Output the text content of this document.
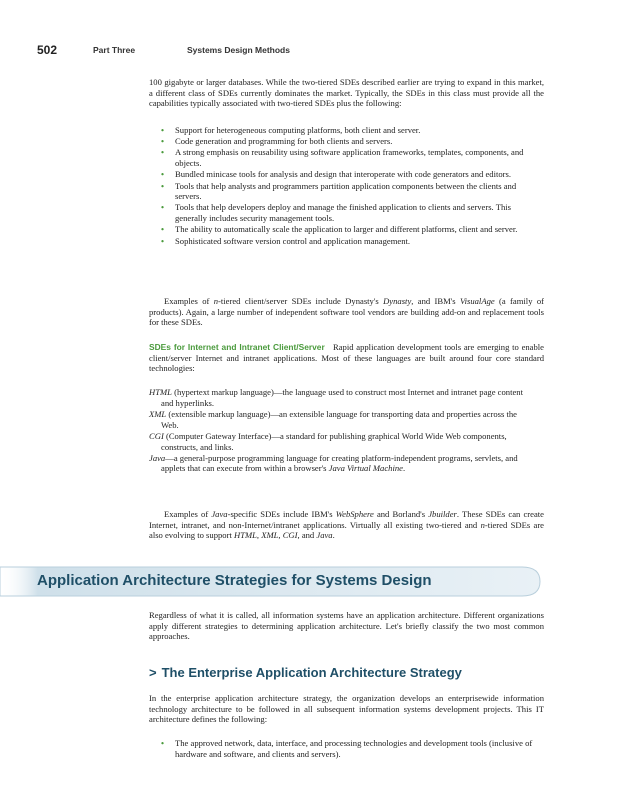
502	Part Three	Systems Design Methods

100 gigabyte or larger databases. While the two-tiered SDEs described earlier are trying to expand in this market, a different class of SDEs currently dominates the market. Typically, the SDEs in this class must provide all the capabilities typically associated with two-tiered SDEs plus the following:

• Support for heterogeneous computing platforms, both client and server.
• Code generation and programming for both clients and servers.
• A strong emphasis on reusability using software application frameworks, templates, components, and objects.
• Bundled minicase tools for analysis and design that interoperate with code generators and editors.
• Tools that help analysts and programmers partition application components between the clients and servers.
• Tools that help developers deploy and manage the finished application to clients and servers. This generally includes security management tools.
• The ability to automatically scale the application to larger and different platforms, client and server.
• Sophisticated software version control and application management.

Examples of n-tiered client/server SDEs include Dynasty's Dynasty, and IBM's VisualAge (a family of products). Again, a large number of independent software tool vendors are building add-on and replacement tools for these SDEs.

SDEs for Internet and Intranet Client/Server Rapid application development tools are emerging to enable client/server Internet and intranet applications. Most of these languages are built around four core standard technologies:

HTML (hypertext markup language)—the language used to construct most Internet and intranet page content and hyperlinks.

XML (extensible markup language)—an extensible language for transporting data and properties across the Web.

CGI (Computer Gateway Interface)—a standard for publishing graphical World Wide Web components, constructs, and links.

Java—a general-purpose programming language for creating platform-independent programs, servlets, and applets that can execute from within a browser's Java Virtual Machine.

Examples of Java-specific SDEs include IBM's WebSphere and Borland's Jbuilder. These SDEs can create Internet, intranet, and non-Internet/intranet applications. Virtually all existing two-tiered and n-tiered SDEs are also evolving to support HTML, XML, CGI, and Java.

Application Architecture Strategies for Systems Design

Regardless of what it is called, all information systems have an application architecture. Different organizations apply different strategies to determining application architecture. Let's briefly classify the two most common approaches.

> The Enterprise Application Architecture Strategy

In the enterprise application architecture strategy, the organization develops an enterprisewide information technology architecture to be followed in all subsequent information systems development projects. This IT architecture defines the following:

• The approved network, data, interface, and processing technologies and development tools (inclusive of hardware and software, and clients and servers).
